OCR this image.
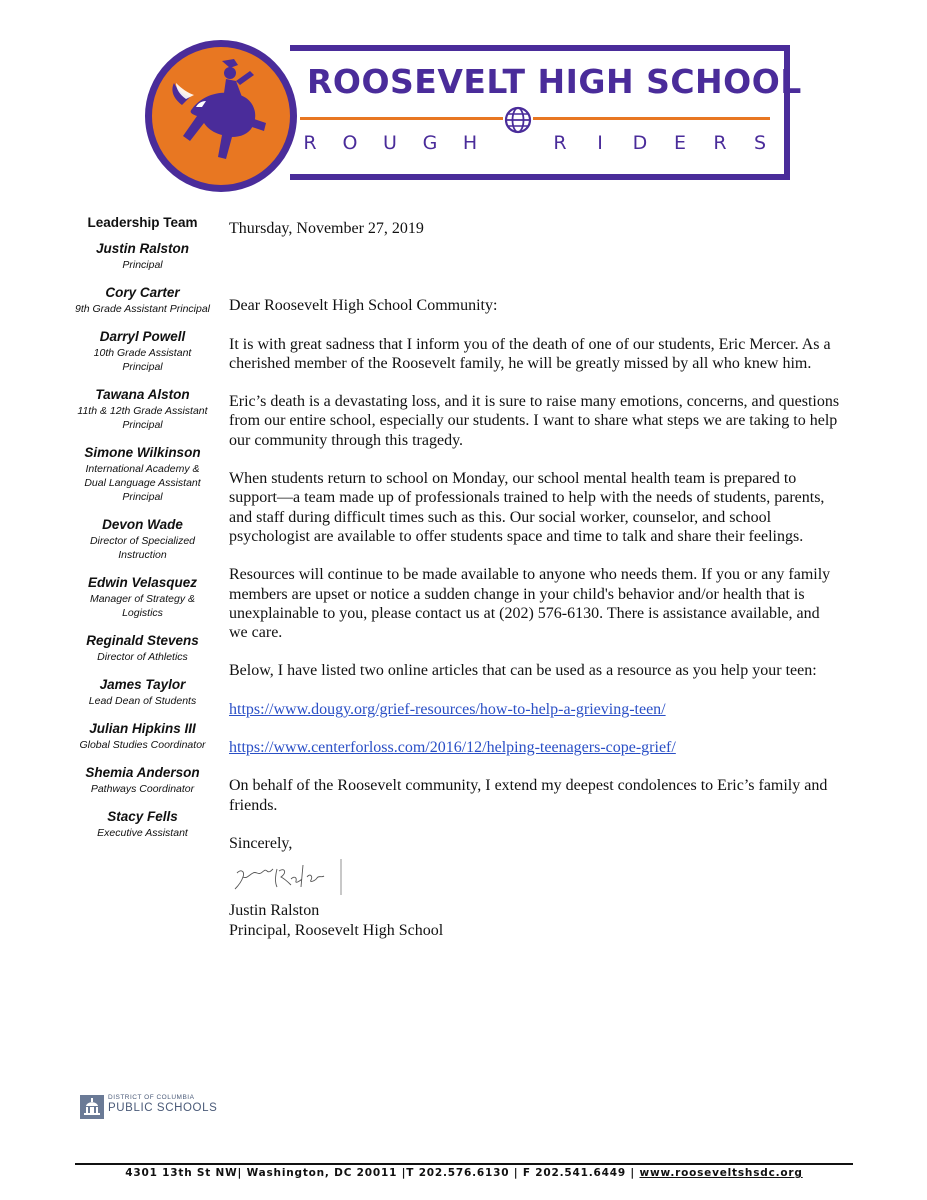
ROOSEVELT HIGH SCHOOL
R O U G H	R	I	D E R S
Leadership Team
Justin Ralston
Principal
Cory Carter
9th Grade Assistant Principal
Darryl Powell
10th Grade Assistant Principal
Tawana Alston
11th & 12th Grade Assistant Principal
Simone Wilkinson
International Academy & Dual Language Assistant Principal
Devon Wade
Director of Specialized Instruction
Edwin Velasquez
Manager of Strategy & Logistics
Reginald Stevens
Director of Athletics
James Taylor
Lead Dean of Students
Julian Hipkins III
Global Studies Coordinator
Shemia Anderson
Pathways Coordinator
Stacy Fells
Executive Assistant

Thursday, November 27, 2019

Dear Roosevelt High School Community:

It is with great sadness that I inform you of the death of one of our students, Eric Mercer. As a cherished member of the Roosevelt family, he will be greatly missed by all who knew him.

Eric’s death is a devastating loss, and it is sure to raise many emotions, concerns, and questions from our entire school, especially our students. I want to share what steps we are taking to help our community through this tragedy.

When students return to school on Monday, our school mental health team is prepared to support—a team made up of professionals trained to help with the needs of students, parents, and staff during difficult times such as this. Our social worker, counselor, and school psychologist are available to offer students space and time to talk and share their feelings.

Resources will continue to be made available to anyone who needs them. If you or any family members are upset or notice a sudden change in your child's behavior and/or health that is unexplainable to you, please contact us at (202) 576-6130. There is assistance available, and we care.

Below, I have listed two online articles that can be used as a resource as you help your teen:

https://www.dougy.org/grief-resources/how-to-help-a-grieving-teen/

https://www.centerforloss.com/2016/12/helping-teenagers-cope-grief/

On behalf of the Roosevelt community, I extend my deepest condolences to Eric’s family and friends.

Sincerely,

Justin Ralston

Principal, Roosevelt High School

DISTRICT OF COLUMBIA
PUBLIC SCHOOLS
4301 13th St NW| Washington, DC 20011 |T 202.576.6130 | F 202.541.6449 | www.rooseveltshsdc.org
